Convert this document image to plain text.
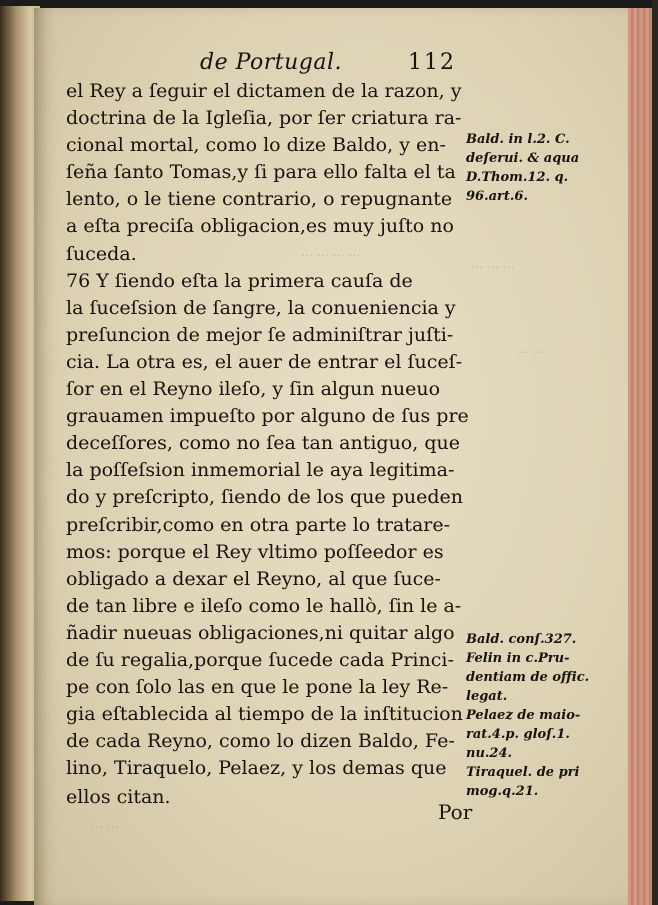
⋯ ⋯ ⋯ ⋯
⋯ ⋯ ⋯
⋯ ⋯
⋯ ⋯
de Portugal.	112
el Rey a ſeguir el dictamen de la razon, y
doctrina de la Igleſia, por ſer criatura ra-
cional mortal, como lo dize Baldo, y en-
ſeña ſanto Tomas,y ſi para ello falta el ta
lento, o le tiene contrario, o repugnante
a eſta preciſa obligacion,es muy juſto no
ſuceda.
76 Y ſiendo eſta la primera cauſa de
la ſuceſsion de ſangre, la conueniencia y
preſuncion de mejor ſe adminiſtrar juſti-
cia. La otra es, el auer de entrar el ſuceſ-
ſor en el Reyno ileſo, y ſin algun nueuo
grauamen impueſto por alguno de ſus pre
deceſſores, como no ſea tan antiguo, que
la poſſeſsion inmemorial le aya legitima-
do y preſcripto, ſiendo de los que pueden
preſcribir,como en otra parte lo tratare-
mos: porque el Rey vltimo poſſeedor es
obligado a dexar el Reyno, al que ſuce-
de tan libre e ileſo como le hallò, ſin le a-
ñadir nueuas obligaciones,ni quitar algo
de ſu regalia,porque ſucede cada Princi-
pe con ſolo las en que le pone la ley Re-
gia eſtablecida al tiempo de la inſtitucion
de cada Reyno, como lo dizen Baldo, Fe-
lino, Tiraquelo, Pelaez, y los demas que
ellos citan.
Bald. in l.2. C.
deſerui. & aqua
D.Thom.12. q.
96.art.6.
Bald. conſ.327.
Felin in c.Pru-
dentiam de offic.
legat.
Pelaez de maio-
rat.4.p. gloſ.1.
nu.24.
Tiraquel. de pri
mog.q.21.
Por
